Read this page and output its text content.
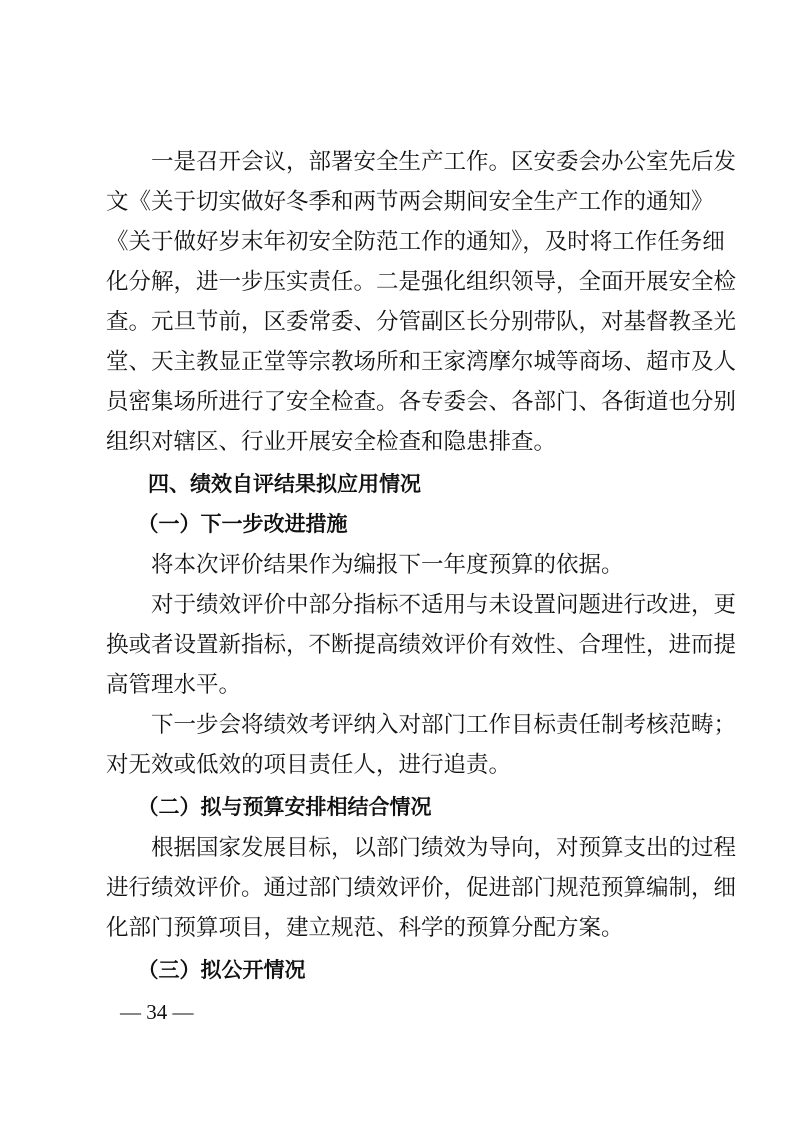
　　一是召开会议，部署安全生产工作。区安委会办公室先后发
文《关于切实做好冬季和两节两会期间安全生产工作的通知》
《关于做好岁末年初安全防范工作的通知》，及时将工作任务细
化分解，进一步压实责任。二是强化组织领导，全面开展安全检
查。元旦节前，区委常委、分管副区长分别带队，对基督教圣光
堂、天主教显正堂等宗教场所和王家湾摩尔城等商场、超市及人
员密集场所进行了安全检查。各专委会、各部门、各街道也分别
组织对辖区、行业开展安全检查和隐患排查。
　　四、绩效自评结果拟应用情况
　　（一）下一步改进措施
　　将本次评价结果作为编报下一年度预算的依据。
　　对于绩效评价中部分指标不适用与未设置问题进行改进，更
换或者设置新指标，不断提高绩效评价有效性、合理性，进而提
高管理水平。
　　下一步会将绩效考评纳入对部门工作目标责任制考核范畴；
对无效或低效的项目责任人，进行追责。
　　（二）拟与预算安排相结合情况
　　根据国家发展目标，以部门绩效为导向，对预算支出的过程
进行绩效评价。通过部门绩效评价，促进部门规范预算编制，细
化部门预算项目，建立规范、科学的预算分配方案。
　　（三）拟公开情况
— 34 —
